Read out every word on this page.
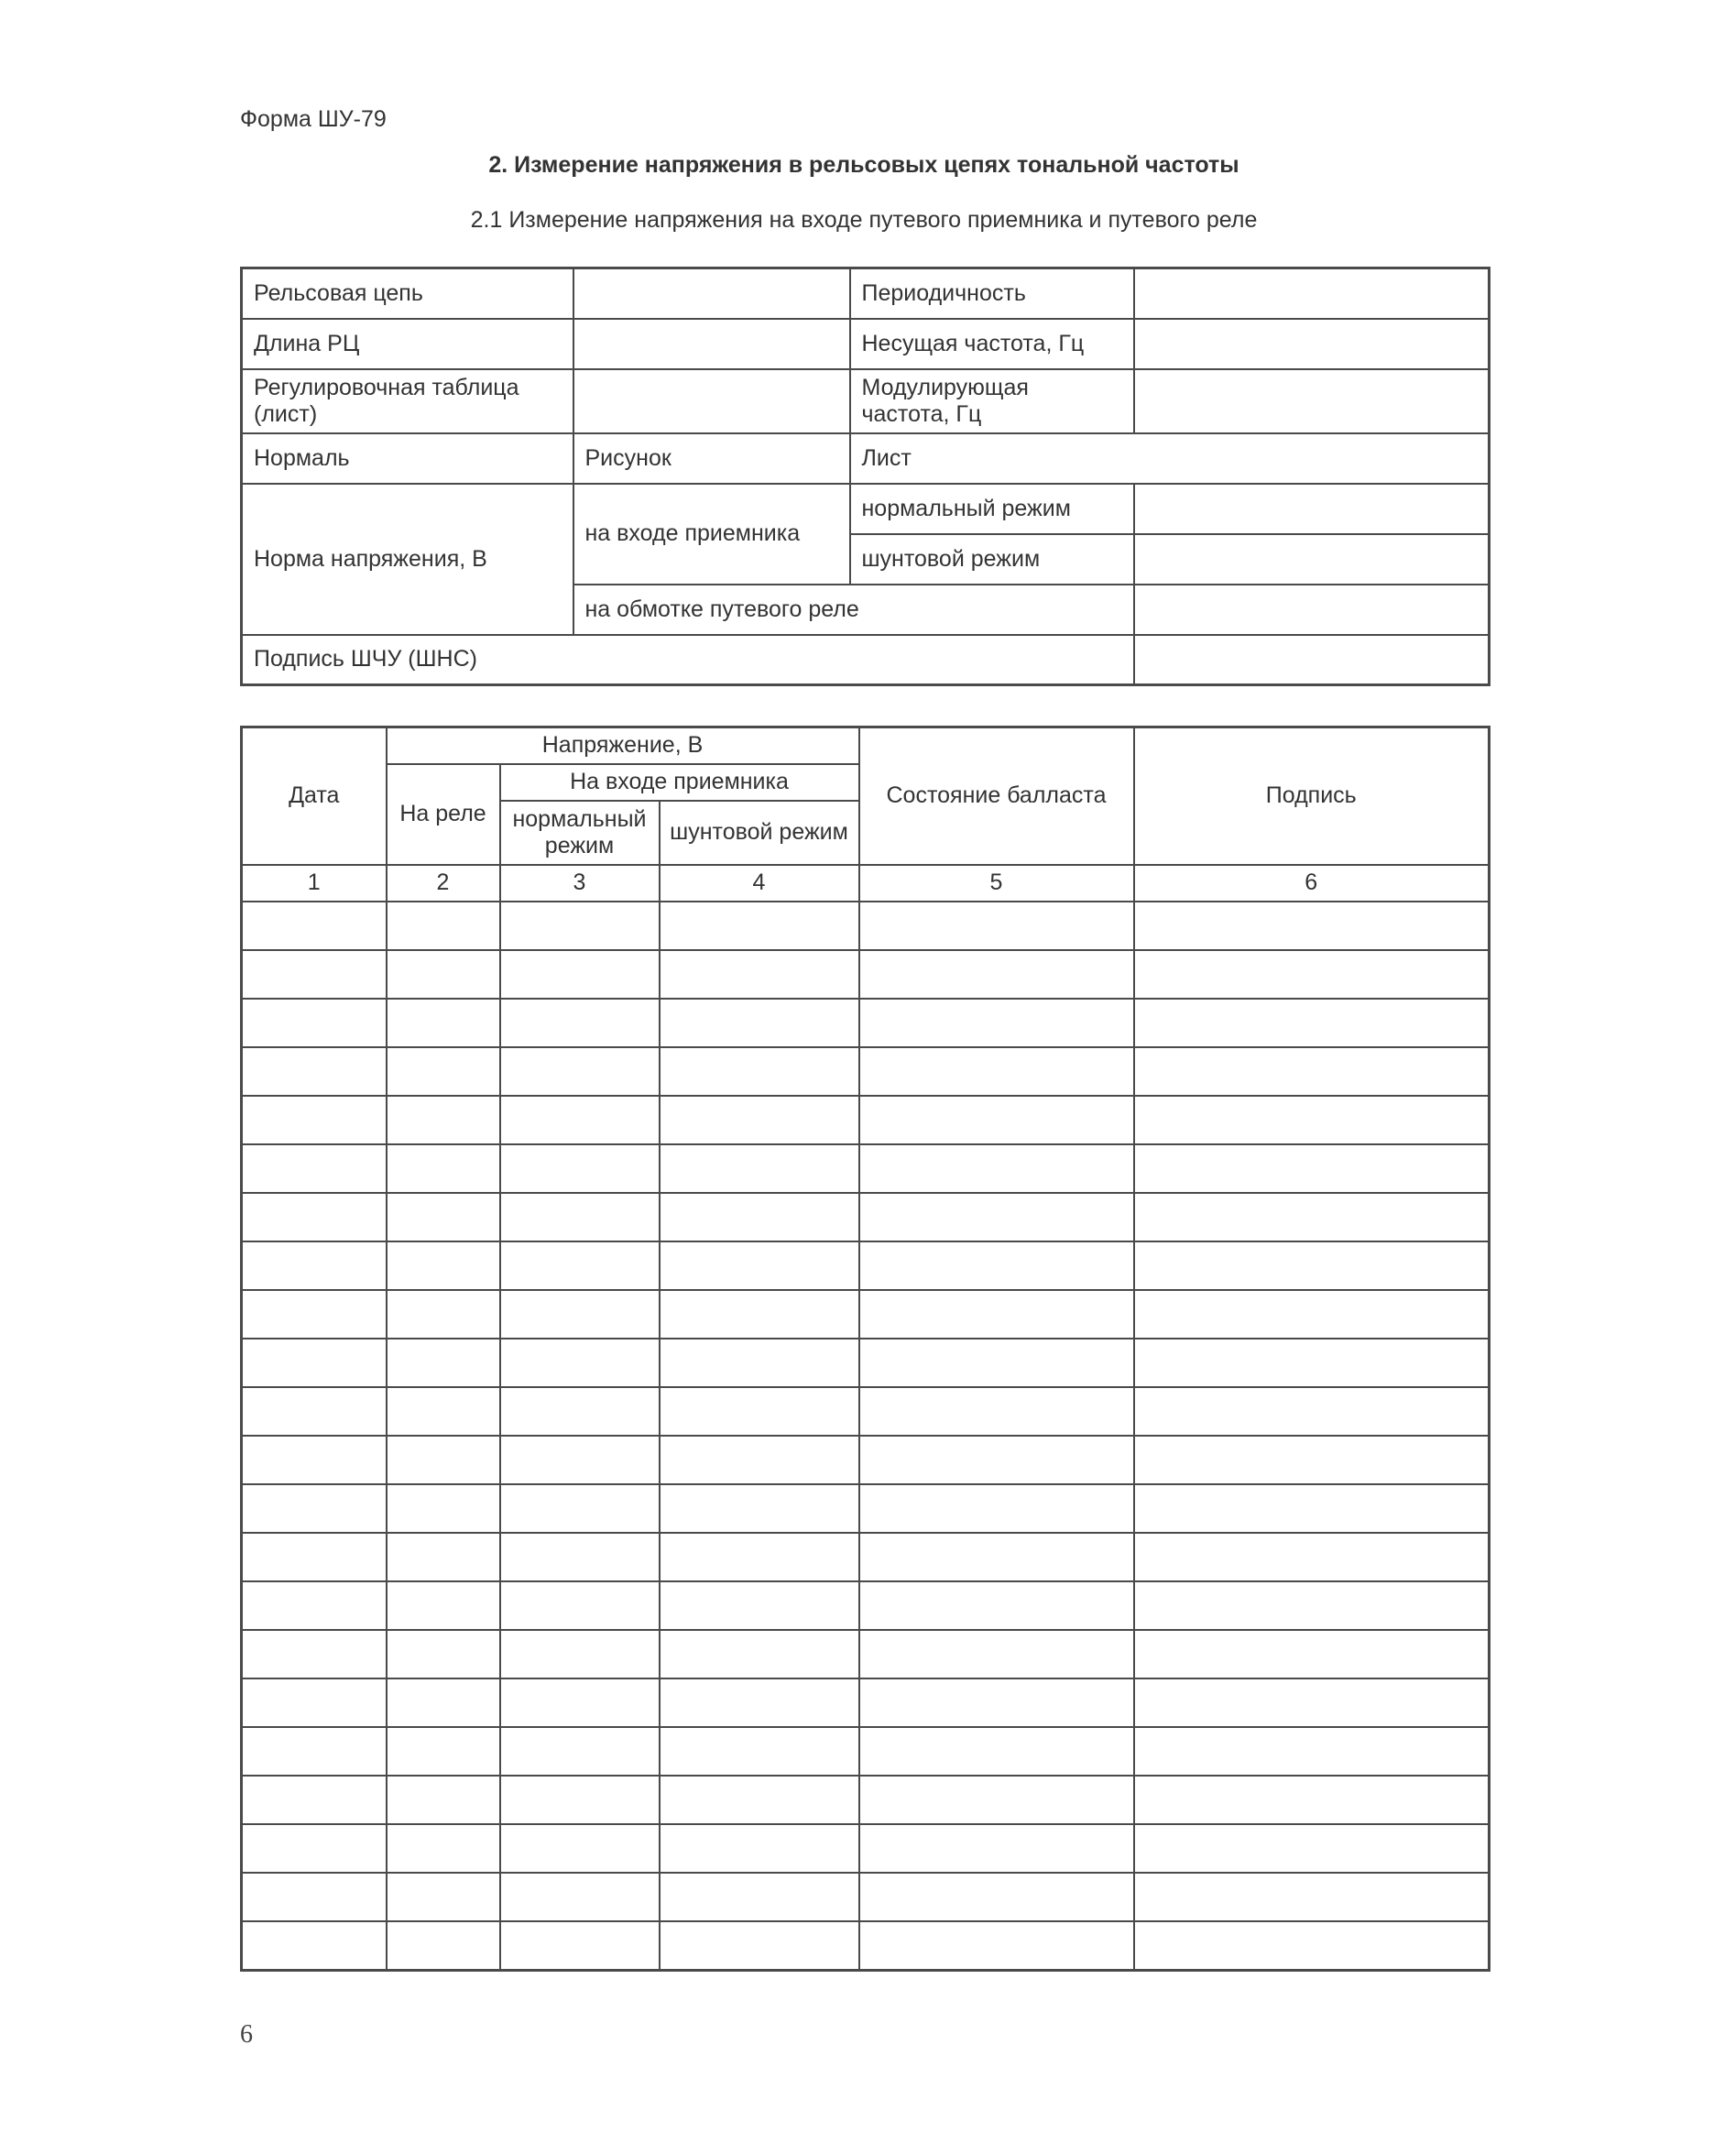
Форма ШУ-79
2. Измерение напряжения в рельсовых цепях тональной частоты
2.1 Измерение напряжения на входе путевого приемника и путевого реле
Рельсовая цепь		Периодичность	
Длина РЦ		Несущая частота, Гц	
Регулировочная таблица (лист)		Модулирующая частота, Гц	
Нормаль	Рисунок	Лист	
Норма напряжения, В	на входе приемника	нормальный режим	
		шунтовой режим	
	на обмотке путевого реле		
Подпись ШЧУ (ШНС)			
Дата	Напряжение, В			Состояние балласта	Подпись
	На реле	На входе приемника			
		нормальный режим	шунтовой режим		
1	2	3	4	5	6

6
